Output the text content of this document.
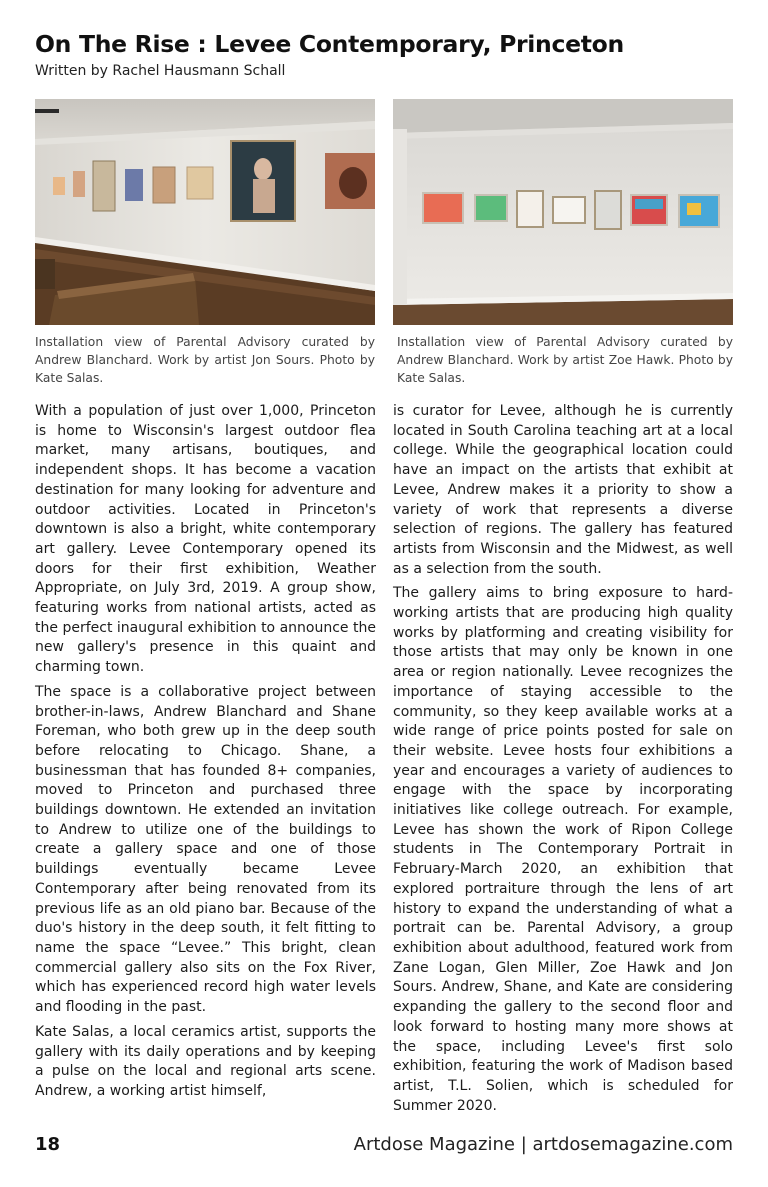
On The Rise : Levee Contemporary, Princeton
Written by Rachel Hausmann Schall
Installation view of Parental Advisory curated by Andrew Blanchard. Work by artist Jon Sours. Photo by Kate Salas.
Installation view of Parental Advisory curated by Andrew Blanchard. Work by artist Zoe Hawk. Photo by Kate Salas.

With a population of just over 1,000, Princeton is home to Wisconsin's largest outdoor flea market, many artisans, boutiques, and independent shops. It has become a vacation destination for many looking for adventure and outdoor activities. Located in Princeton's downtown is also a bright, white contemporary art gallery. Levee Contemporary opened its doors for their first exhibition, Weather Appropriate, on July 3rd, 2019. A group show, featuring works from national artists, acted as the perfect inaugural exhibition to announce the new gallery's presence in this quaint and charming town.

The space is a collaborative project between brother-in-laws, Andrew Blanchard and Shane Foreman, who both grew up in the deep south before relocating to Chicago. Shane, a businessman that has founded 8+ companies, moved to Princeton and purchased three buildings downtown. He extended an invitation to Andrew to utilize one of the buildings to create a gallery space and one of those buildings eventually became Levee Contemporary after being renovated from its previous life as an old piano bar. Because of the duo's history in the deep south, it felt fitting to name the space “Levee.” This bright, clean commercial gallery also sits on the Fox River, which has experienced record high water levels and flooding in the past.

Kate Salas, a local ceramics artist, supports the gallery with its daily operations and by keeping a pulse on the local and regional arts scene. Andrew, a working artist himself,

is curator for Levee, although he is currently located in South Carolina teaching art at a local college. While the geographical location could have an impact on the artists that exhibit at Levee, Andrew makes it a priority to show a variety of work that represents a diverse selection of regions. The gallery has featured artists from Wisconsin and the Midwest, as well as a selection from the south.

The gallery aims to bring exposure to hard-working artists that are producing high quality works by platforming and creating visibility for those artists that may only be known in one area or region nationally. Levee recognizes the importance of staying accessible to the community, so they keep available works at a wide range of price points posted for sale on their website. Levee hosts four exhibitions a year and encourages a variety of audiences to engage with the space by incorporating initiatives like college outreach. For example, Levee has shown the work of Ripon College students in The Contemporary Portrait in February-March 2020, an exhibition that explored portraiture through the lens of art history to expand the understanding of what a portrait can be. Parental Advisory, a group exhibition about adulthood, featured work from Zane Logan, Glen Miller, Zoe Hawk and Jon Sours. Andrew, Shane, and Kate are considering expanding the gallery to the second floor and look forward to hosting many more shows at the space, including Levee's first solo exhibition, featuring the work of Madison based artist, T.L. Solien, which is scheduled for Summer 2020.

18	Artdose Magazine | artdosemagazine.com
